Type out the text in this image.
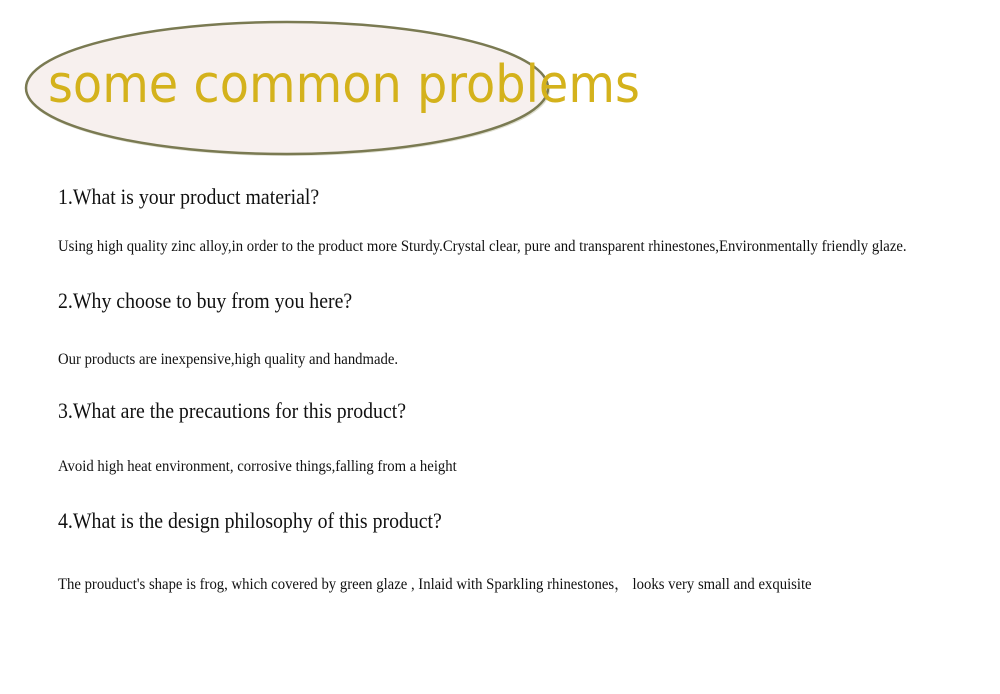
some common problems
1.What is your product material?
Using high quality zinc alloy,in order to the product more Sturdy.Crystal clear, pure and transparent rhinestones,Environmentally friendly glaze.
2.Why choose to buy from you here?
Our products are inexpensive,high quality and handmade.
3.What are the precautions for this product?
Avoid high heat environment, corrosive things,falling from a height
4.What is the design philosophy of this product?
The prouduct's shape is frog, which covered by green glaze , Inlaid with Sparkling rhinestones， looks very small and exquisite
